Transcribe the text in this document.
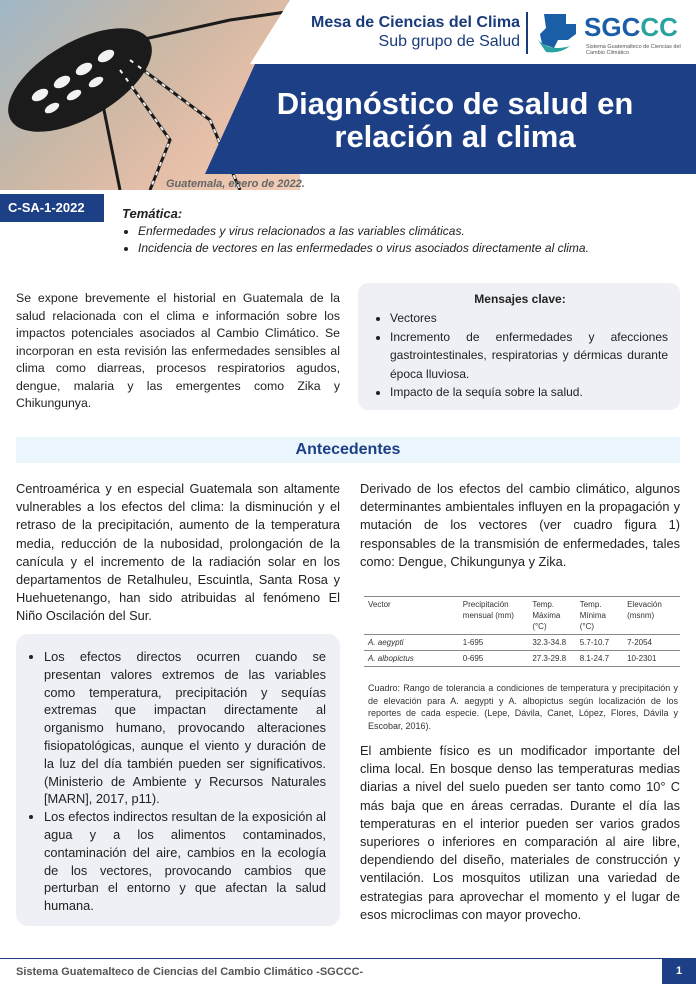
Mesa de Ciencias del Clima
Sub grupo de Salud SGCCC
Sistema Guatemalteco de Ciencias del Cambio Climático
Diagnóstico de salud en
relación al clima
Guatemala, enero de 2022.
C-SA-1-2022	Temática:
• Enfermedades y virus relacionados a las variables climáticas.
• Incidencia de vectores en las enfermedades o virus asociados directamente al clima.
Se expone brevemente el historial en Guatemala de la salud relacionada con el clima e información sobre los impactos potenciales asociados al Cambio Climático. Se incorporan en esta revisión las enfermedades sensibles al clima como diarreas, procesos respiratorios agudos, dengue, malaria y las emergentes como Zika y Chikungunya.
Mensajes clave:
• Vectores
• Incremento de enfermedades y afecciones gastrointestinales, respiratorias y dérmicas durante época lluviosa.
• Impacto de la sequía sobre la salud.
Antecedentes
Centroamérica y en especial Guatemala son altamente vulnerables a los efectos del clima: la disminución y el retraso de la precipitación, aumento de la temperatura media, reducción de la nubosidad, prolongación de la canícula y el incremento de la radiación solar en los departamentos de Retalhuleu, Escuintla, Santa Rosa y Huehuetenango, han sido atribuidas al fenómeno El Niño Oscilación del Sur.
• Los efectos directos ocurren cuando se presentan valores extremos de las variables como temperatura, precipitación y sequías extremas que impactan directamente al organismo humano, provocando alteraciones fisiopatológicas, aunque el viento y duración de la luz del día también pueden ser significativos. (Ministerio de Ambiente y Recursos Naturales [MARN], 2017, p11).
• Los efectos indirectos resultan de la exposición al agua y a los alimentos contaminados, contaminación del aire, cambios en la ecología de los vectores, provocando cambios que perturban el entorno y que afectan la salud humana.
Derivado de los efectos del cambio climático, algunos determinantes ambientales influyen en la propagación y mutación de los vectores (ver cuadro figura 1) responsables de la transmisión de enfermedades, tales como: Dengue, Chikungunya y Zika.
Vector	Precipitación mensual (mm)	Temp. Máxima (°C)	Temp. Mínima (°C)	Elevación (msnm)
A. aegypti	1-695	32.3-34.8	5.7-10.7	7-2054
A. albopictus	0-695	27.3-29.8	8.1-24.7	10-2301
Cuadro: Rango de tolerancia a condiciones de temperatura y precipitación y de elevación para A. aegypti y A. albopictus según localización de los reportes de cada especie. (Lepe, Dávila, Canet, López, Flores, Dávila y Escobar, 2016).
El ambiente físico es un modificador importante del clima local. En bosque denso las temperaturas medias diarias a nivel del suelo pueden ser tanto como 10° C más baja que en áreas cerradas. Durante el día las temperaturas en el interior pueden ser varios grados superiores o inferiores en comparación al aire libre, dependiendo del diseño, materiales de construcción y ventilación. Los mosquitos utilizan una variedad de estrategias para aprovechar el momento y el lugar de esos microclimas con mayor provecho.
Sistema Guatemalteco de Ciencias del Cambio Climático -SGCCC-	1
